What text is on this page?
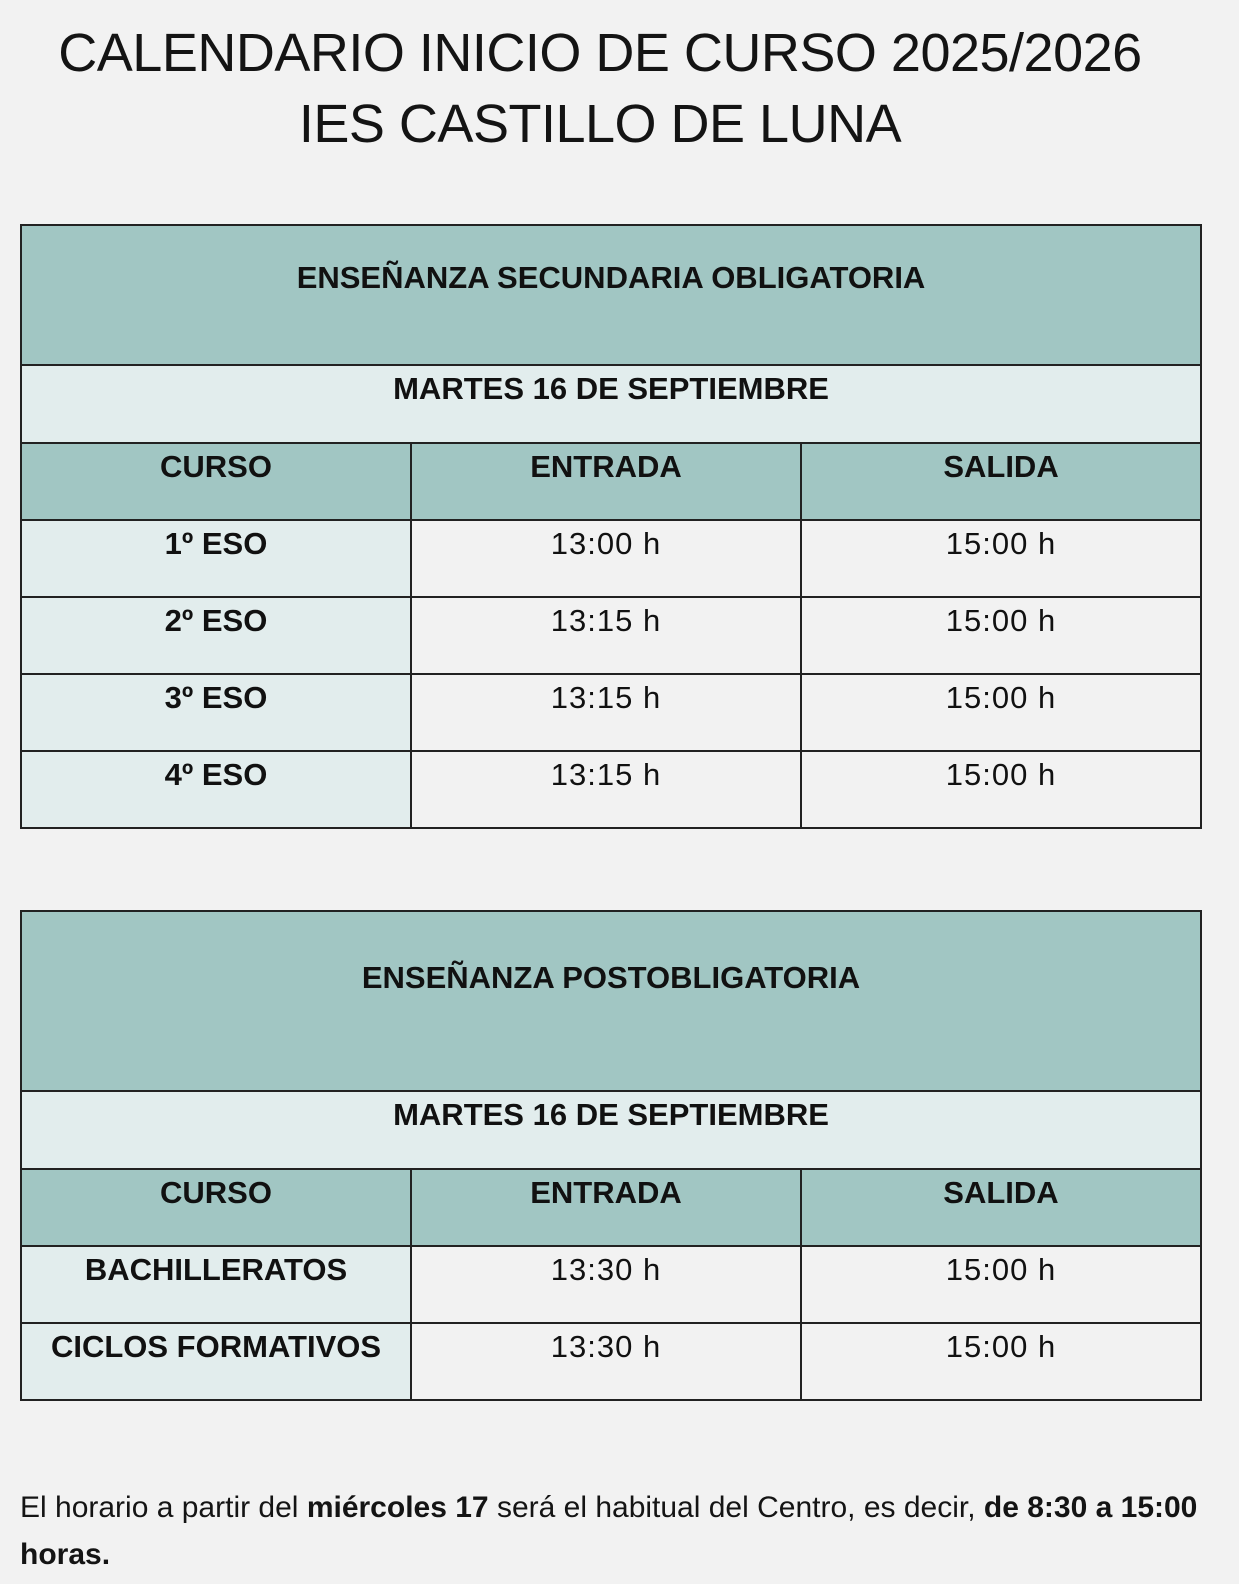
CALENDARIO INICIO DE CURSO 2025/2026
IES CASTILLO DE LUNA
ENSEÑANZA SECUNDARIA OBLIGATORIA		
MARTES 16 DE SEPTIEMBRE		
CURSO	ENTRADA	SALIDA
1º ESO	13:00 h	15:00 h
2º ESO	13:15 h	15:00 h
3º ESO	13:15 h	15:00 h
4º ESO	13:15 h	15:00 h
ENSEÑANZA POSTOBLIGATORIA		
MARTES 16 DE SEPTIEMBRE		
CURSO	ENTRADA	SALIDA
BACHILLERATOS	13:30 h	15:00 h
CICLOS FORMATIVOS	13:30 h	15:00 h
El horario a partir del miércoles 17 será el habitual del Centro, es decir, de 8:30 a 15:00 horas.
